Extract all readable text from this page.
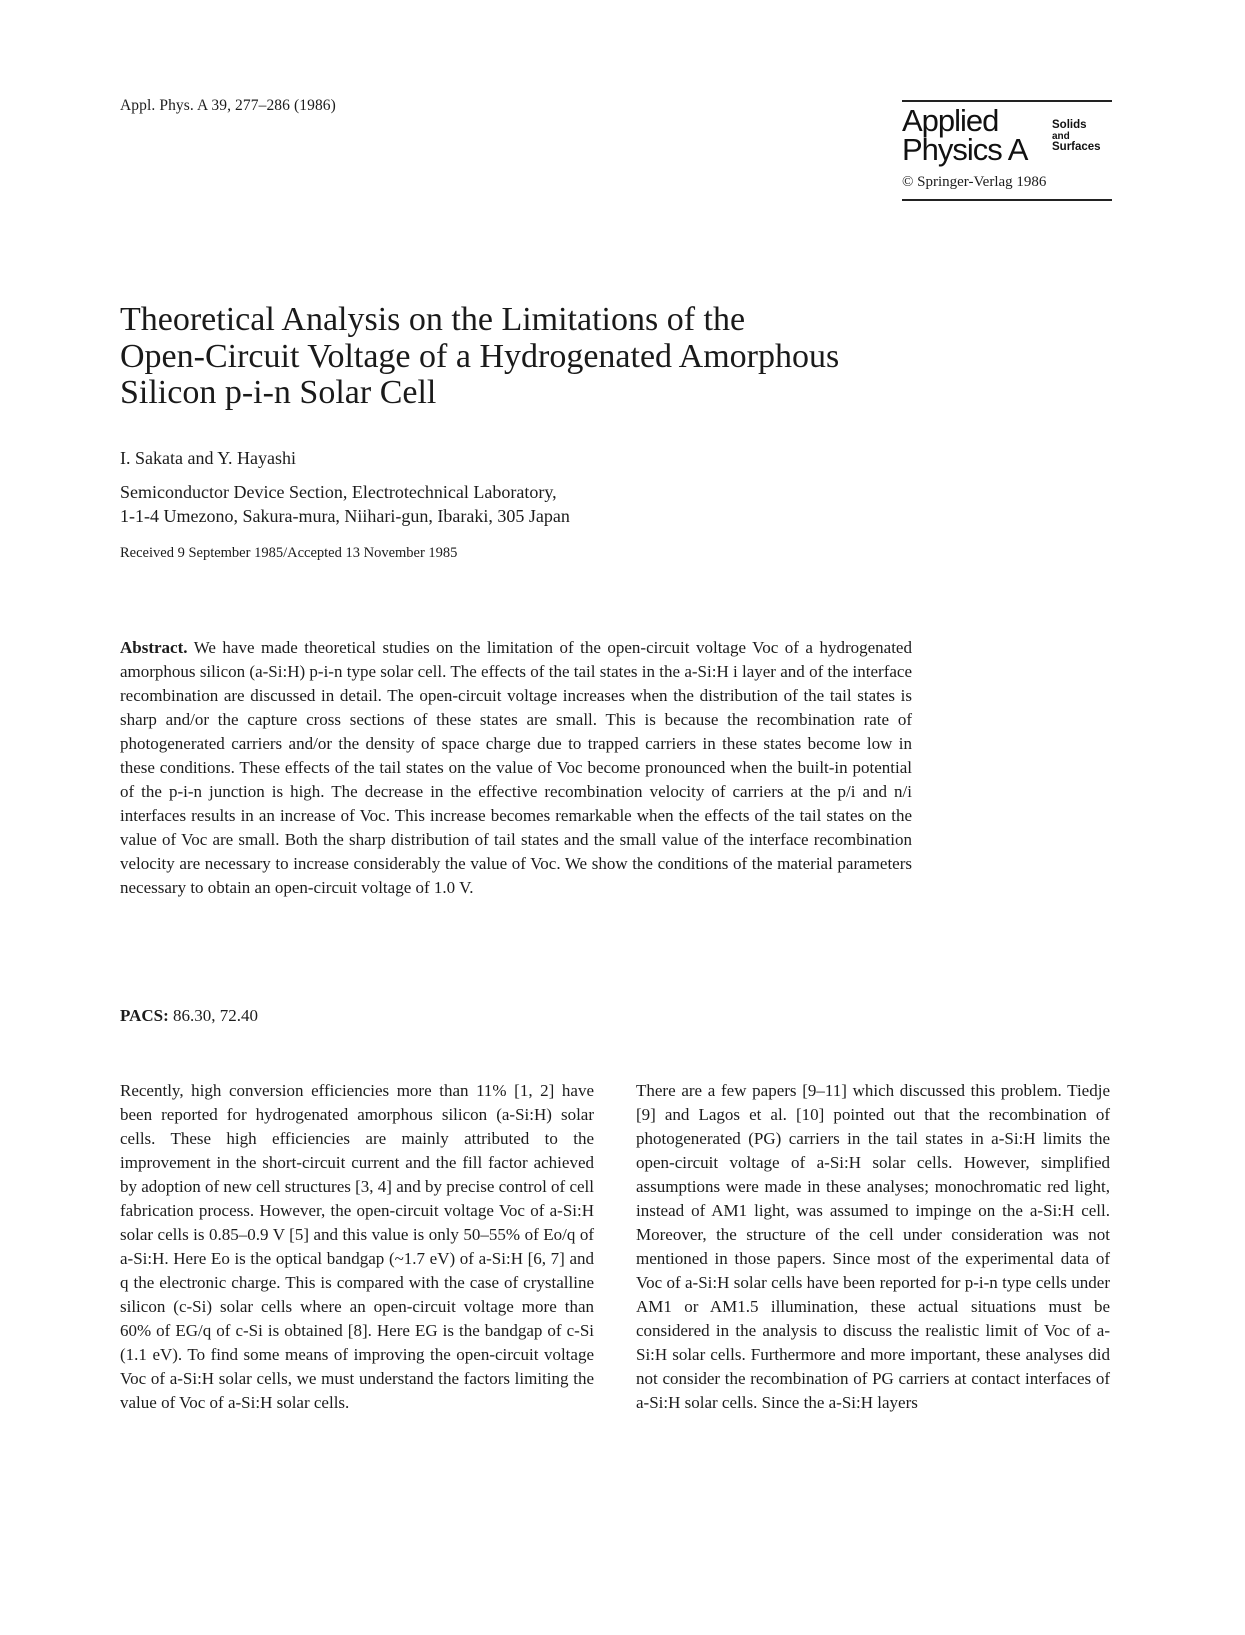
Appl. Phys. A 39, 277–286 (1986)	Applied
Physics A
Solids
and
Surfaces
© Springer-Verlag 1986
Theoretical Analysis on the Limitations of the
Open-Circuit Voltage of a Hydrogenated Amorphous
Silicon p-i-n Solar Cell
I. Sakata and Y. Hayashi
Semiconductor Device Section, Electrotechnical Laboratory,
1-1-4 Umezono, Sakura-mura, Niihari-gun, Ibaraki, 305 Japan
Received 9 September 1985/Accepted 13 November 1985
Abstract. We have made theoretical studies on the limitation of the open-circuit voltage Voc of a hydrogenated amorphous silicon (a-Si:H) p-i-n type solar cell. The effects of the tail states in the a-Si:H i layer and of the interface recombination are discussed in detail. The open-circuit voltage increases when the distribution of the tail states is sharp and/or the capture cross sections of these states are small. This is because the recombination rate of photogenerated carriers and/or the density of space charge due to trapped carriers in these states become low in these conditions. These effects of the tail states on the value of Voc become pronounced when the built-in potential of the p-i-n junction is high. The decrease in the effective recombination velocity of carriers at the p/i and n/i interfaces results in an increase of Voc. This increase becomes remarkable when the effects of the tail states on the value of Voc are small. Both the sharp distribution of tail states and the small value of the interface recombination velocity are necessary to increase considerably the value of Voc. We show the conditions of the material parameters necessary to obtain an open-circuit voltage of 1.0 V.
PACS: 86.30, 72.40
Recently, high conversion efficiencies more than 11% [1, 2] have been reported for hydrogenated amorphous silicon (a-Si:H) solar cells. These high efficiencies are mainly attributed to the improvement in the short-circuit current and the fill factor achieved by adoption of new cell structures [3, 4] and by precise control of cell fabrication process. However, the open-circuit voltage Voc of a-Si:H solar cells is 0.85–0.9 V [5] and this value is only 50–55% of Eo/q of a-Si:H. Here Eo is the optical bandgap (~1.7 eV) of a-Si:H [6, 7] and q the electronic charge. This is compared with the case of crystalline silicon (c-Si) solar cells where an open-circuit voltage more than 60% of EG/q of c-Si is obtained [8]. Here EG is the bandgap of c-Si (1.1 eV). To find some means of improving the open-circuit voltage Voc of a-Si:H solar cells, we must understand the factors limiting the value of Voc of a-Si:H solar cells.
There are a few papers [9–11] which discussed this problem. Tiedje [9] and Lagos et al. [10] pointed out that the recombination of photogenerated (PG) carriers in the tail states in a-Si:H limits the open-circuit voltage of a-Si:H solar cells. However, simplified assumptions were made in these analyses; monochromatic red light, instead of AM1 light, was assumed to impinge on the a-Si:H cell. Moreover, the structure of the cell under consideration was not mentioned in those papers. Since most of the experimental data of Voc of a-Si:H solar cells have been reported for p-i-n type cells under AM1 or AM1.5 illumination, these actual situations must be considered in the analysis to discuss the realistic limit of Voc of a-Si:H solar cells. Furthermore and more important, these analyses did not consider the recombination of PG carriers at contact interfaces of a-Si:H solar cells. Since the a-Si:H layers
